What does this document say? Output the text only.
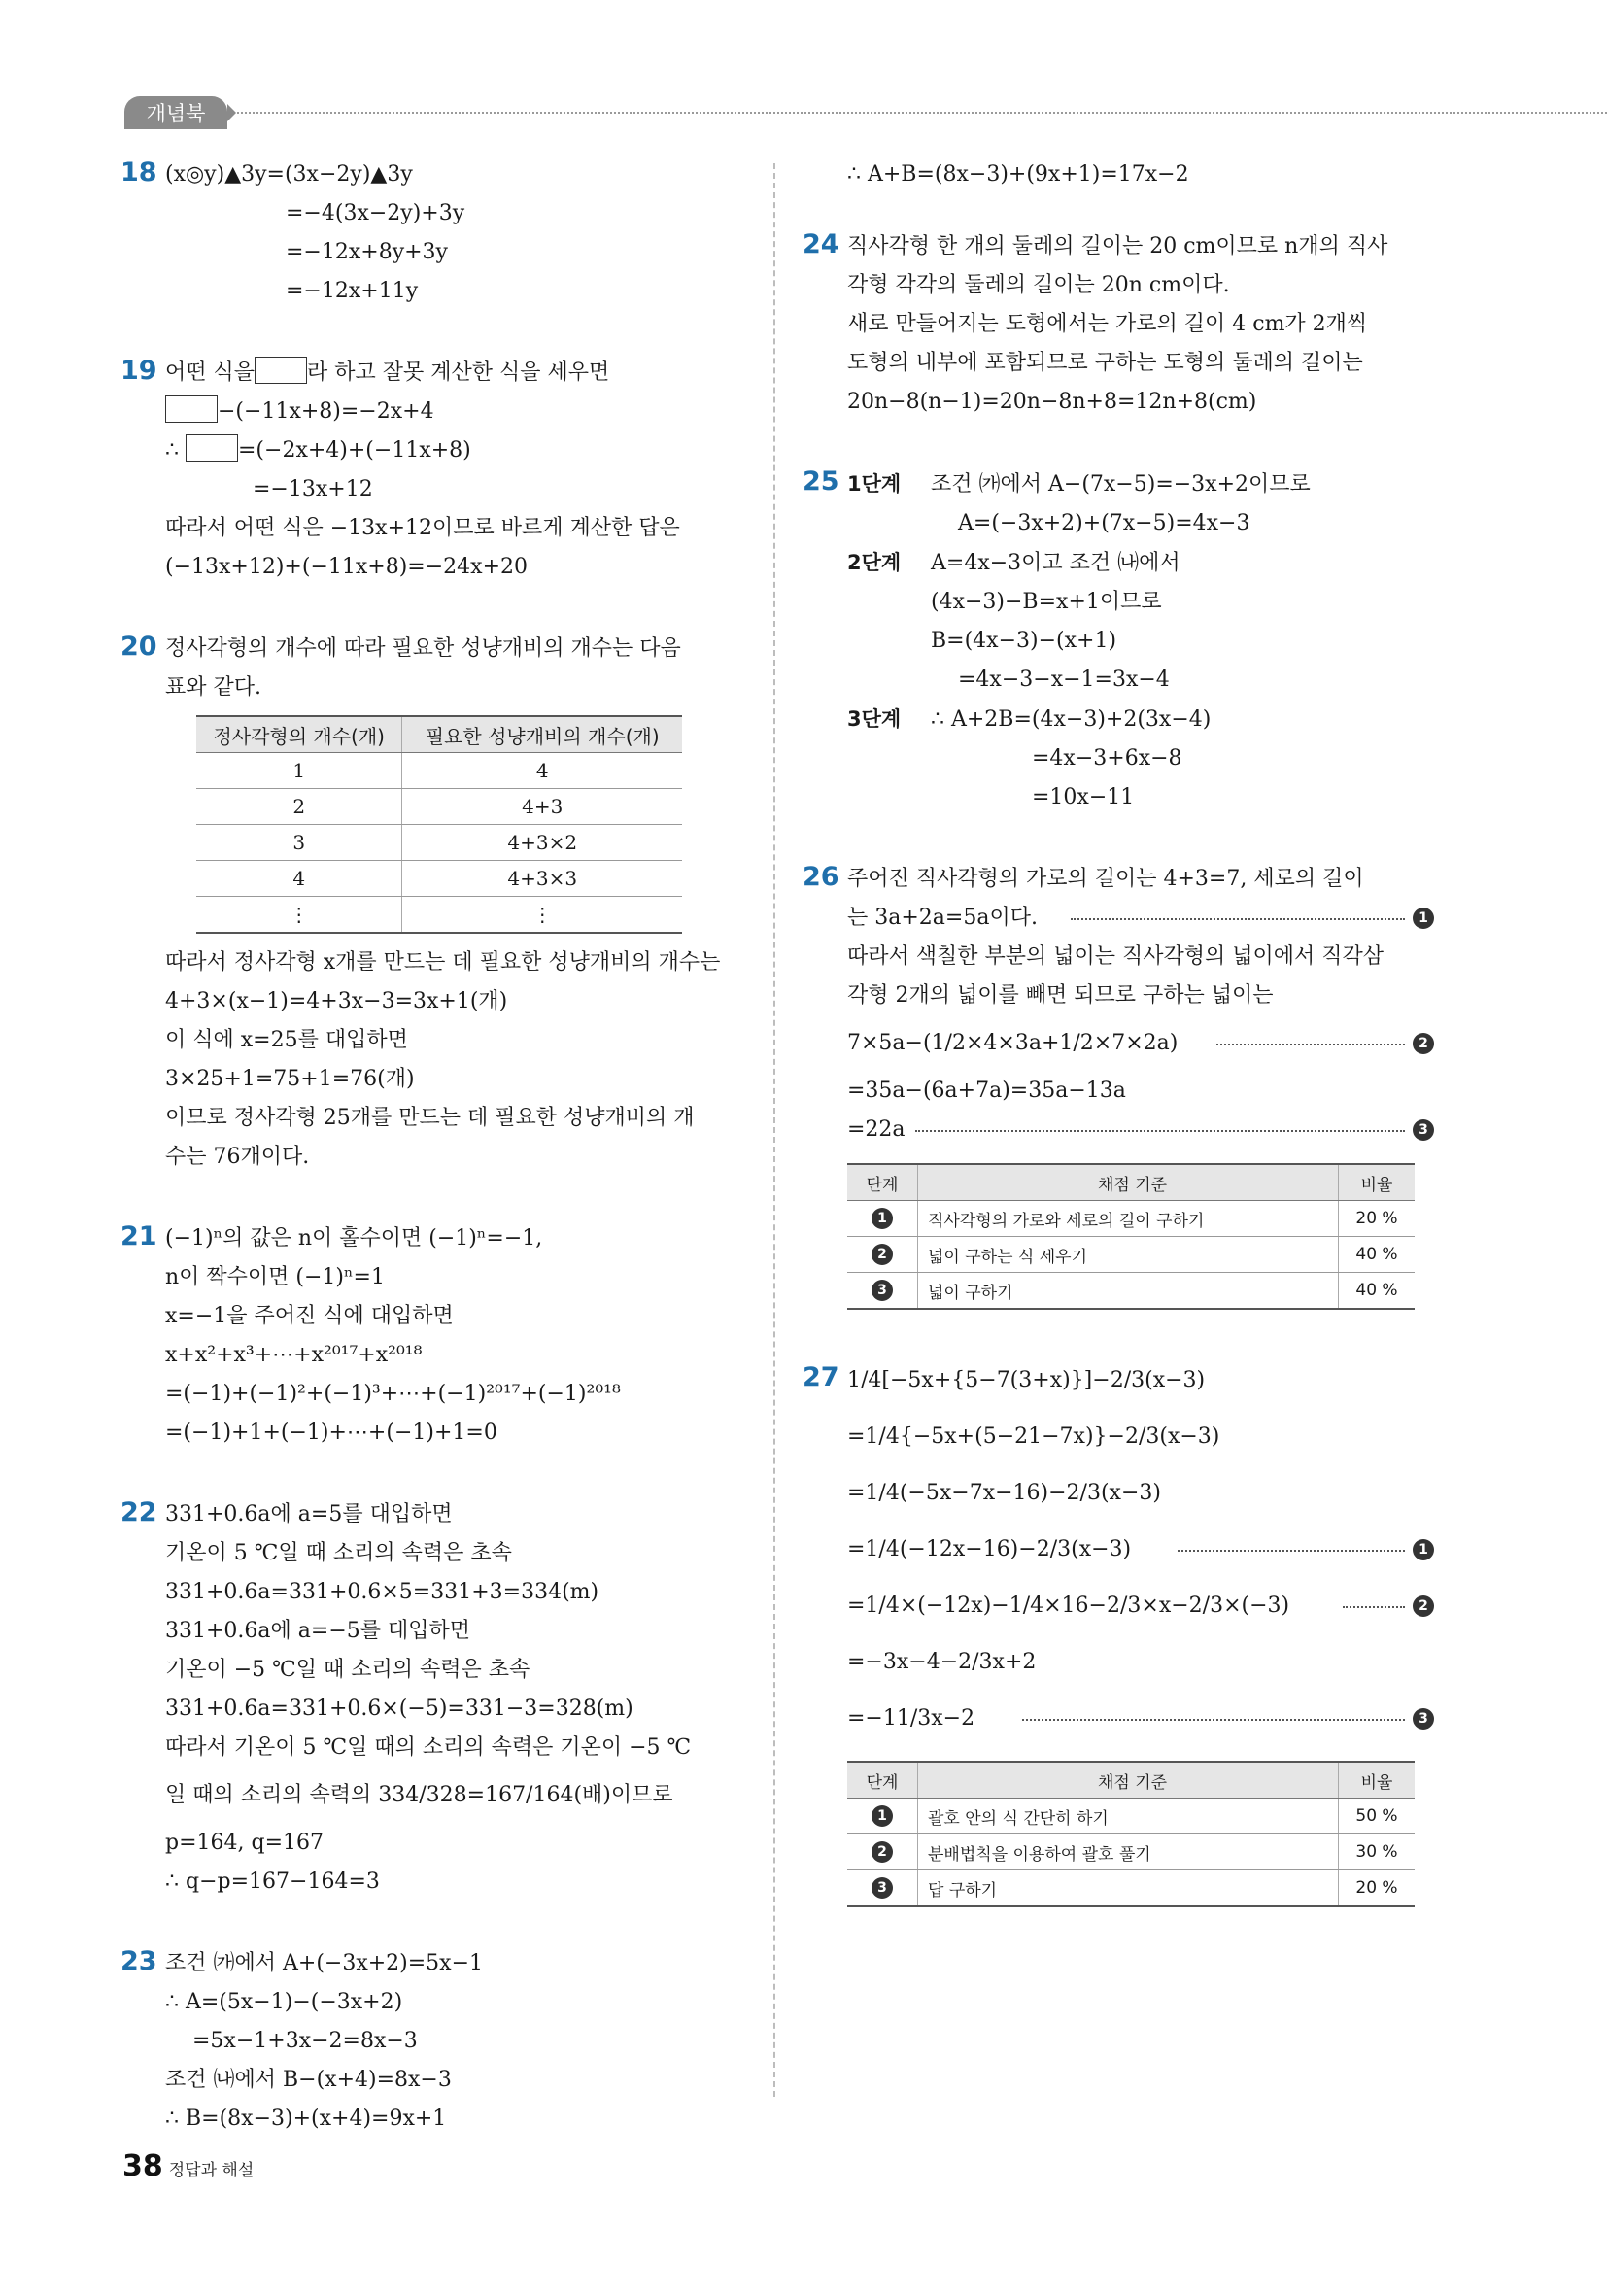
개념북
18 (x◎y)▲3y=(3x−2y)▲3y
=−4(3x−2y)+3y
=−12x+8y+3y
=−12x+11y
19 어떤 식을 라 하고 잘못 계산한 식을 세우면
−(−11x+8)=−2x+4
∴	=(−2x+4)+(−11x+8)
=−13x+12
따라서 어떤 식은 −13x+12이므로 바르게 계산한 답은
(−13x+12)+(−11x+8)=−24x+20
20 정사각형의 개수에 따라 필요한 성냥개비의 개수는 다음
표와 같다.
정사각형의 개수(개)	필요한 성냥개비의 개수(개)
1	4
2	4+3
3	4+3×2
4	4+3×3
⋮	⋮
따라서 정사각형 x개를 만드는 데 필요한 성냥개비의 개수는
4+3×(x−1)=4+3x−3=3x+1(개)
이 식에 x=25를 대입하면
3×25+1=75+1=76(개)
이므로 정사각형 25개를 만드는 데 필요한 성냥개비의 개
수는 76개이다.
21 (−1)ⁿ의 값은 n이 홀수이면 (−1)ⁿ=−1,
n이 짝수이면 (−1)ⁿ=1
x=−1을 주어진 식에 대입하면
x+x²+x³+⋯+x²⁰¹⁷+x²⁰¹⁸
=(−1)+(−1)²+(−1)³+⋯+(−1)²⁰¹⁷+(−1)²⁰¹⁸
=(−1)+1+(−1)+⋯+(−1)+1=0
22 331+0.6a에 a=5를 대입하면
기온이 5 ℃일 때 소리의 속력은 초속
331+0.6a=331+0.6×5=331+3=334(m)
331+0.6a에 a=−5를 대입하면
기온이 −5 ℃일 때 소리의 속력은 초속
331+0.6a=331+0.6×(−5)=331−3=328(m)
따라서 기온이 5 ℃일 때의 소리의 속력은 기온이 −5 ℃
일 때의 소리의 속력의 334/328=167/164(배)이므로
p=164, q=167
∴ q−p=167−164=3
23 조건 ㈎에서 A+(−3x+2)=5x−1
∴ A=(5x−1)−(−3x+2)
=5x−1+3x−2=8x−3
조건 ㈏에서 B−(x+4)=8x−3
∴ B=(8x−3)+(x+4)=9x+1
∴ A+B=(8x−3)+(9x+1)=17x−2
24 직사각형 한 개의 둘레의 길이는 20 cm이므로 n개의 직사
각형 각각의 둘레의 길이는 20n cm이다.
새로 만들어지는 도형에서는 가로의 길이 4 cm가 2개씩
도형의 내부에 포함되므로 구하는 도형의 둘레의 길이는
20n−8(n−1)=20n−8n+8=12n+8(cm)
25 1단계 조건 ㈎에서 A−(7x−5)=−3x+2이므로
A=(−3x+2)+(7x−5)=4x−3
2단계 A=4x−3이고 조건 ㈏에서
(4x−3)−B=x+1이므로
B=(4x−3)−(x+1)
=4x−3−x−1=3x−4
3단계 ∴ A+2B=(4x−3)+2(3x−4)
=4x−3+6x−8
=10x−11
26 주어진 직사각형의 가로의 길이는 4+3=7, 세로의 길이
는 3a+2a=5a이다.	1
따라서 색칠한 부분의 넓이는 직사각형의 넓이에서 직각삼
각형 2개의 넓이를 빼면 되므로 구하는 넓이는
7×5a−(1/2×4×3a+1/2×7×2a)	2
=35a−(6a+7a)=35a−13a
=22a	3
단계	채점 기준	비율
1	직사각형의 가로와 세로의 길이 구하기	20 %
2	넓이 구하는 식 세우기	40 %
3	넓이 구하기	40 %
27 1/4[−5x+{5−7(3+x)}]−2/3(x−3)
=1/4{−5x+(5−21−7x)}−2/3(x−3)
=1/4(−5x−7x−16)−2/3(x−3)
=1/4(−12x−16)−2/3(x−3)	1
=1/4×(−12x)−1/4×16−2/3×x−2/3×(−3)	2
=−3x−4−2/3x+2
=−11/3x−2	3
단계	채점 기준	비율
1	괄호 안의 식 간단히 하기	50 %
2	분배법칙을 이용하여 괄호 풀기	30 %
3	답 구하기	20 %
38 정답과 해설
